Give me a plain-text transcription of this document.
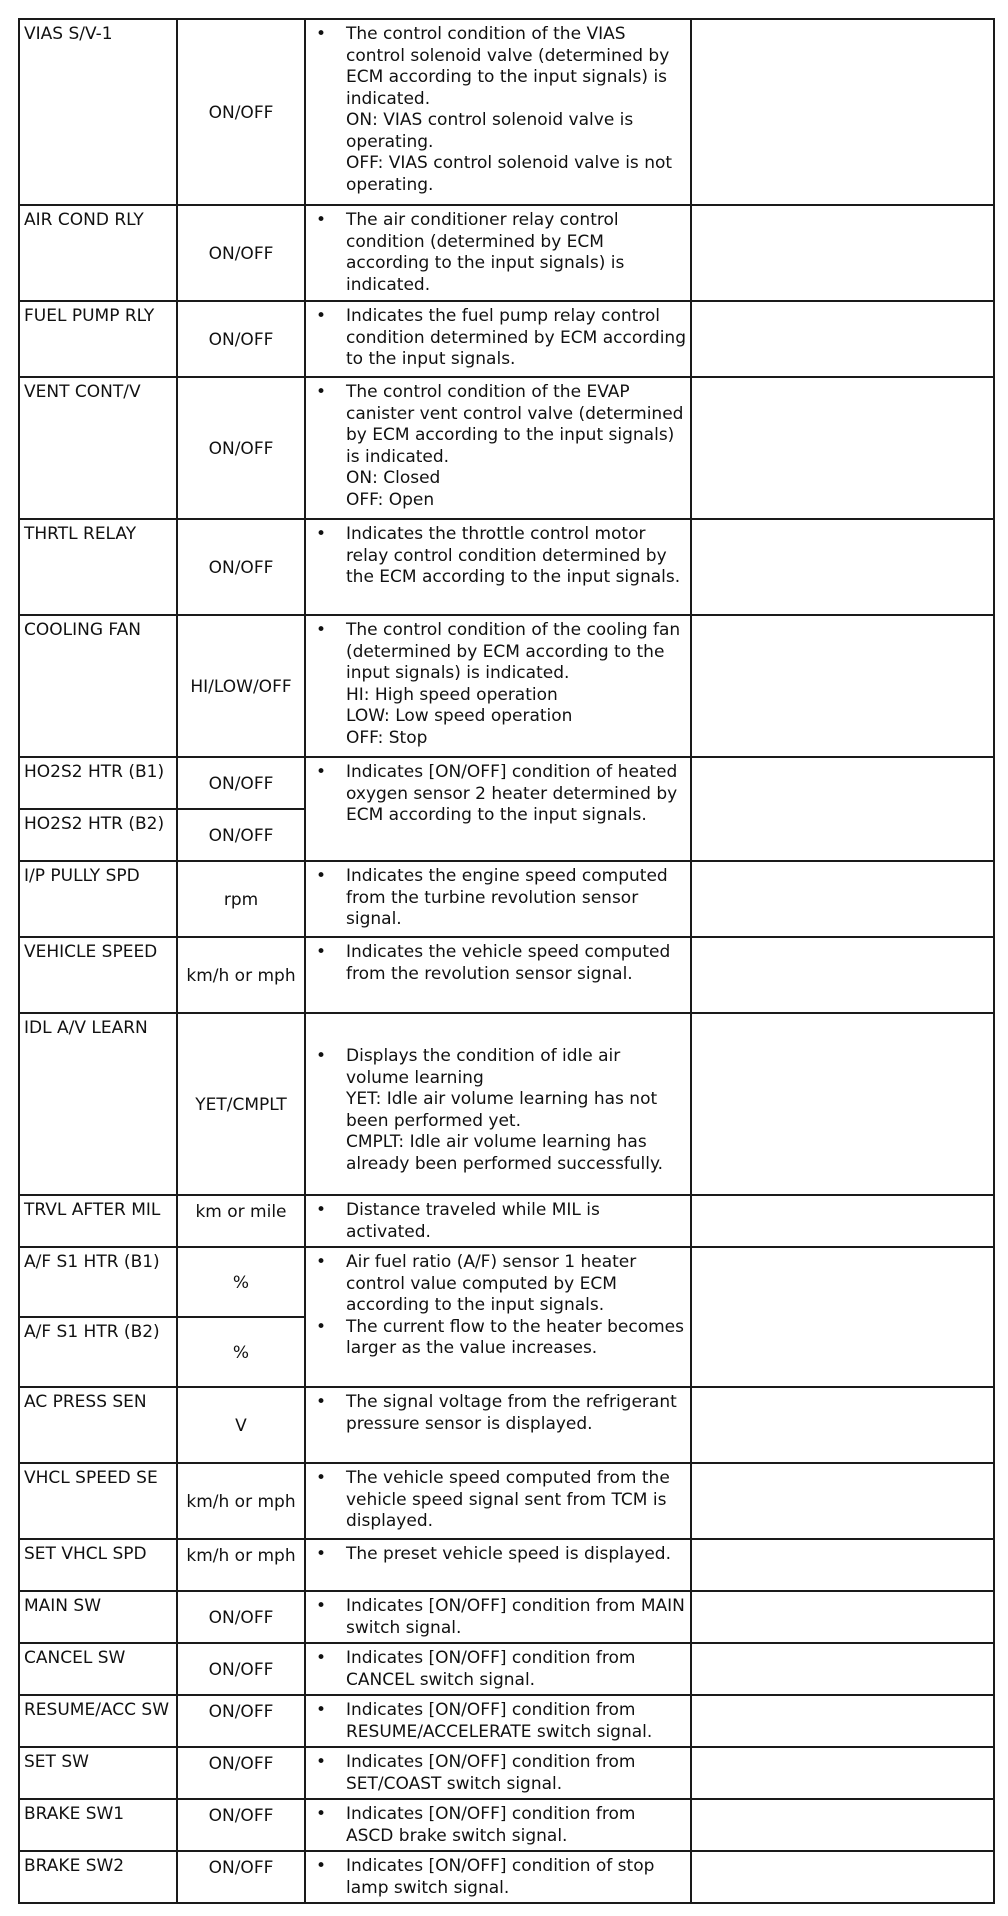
VIAS S/V-1	ON/OFF	• The control condition of the VIAS control solenoid valve (determined by ECM according to the input signals) is indicated.
ON: VIAS control solenoid valve is operating.
OFF: VIAS control solenoid valve is not operating.

AIR COND RLY	ON/OFF	• The air conditioner relay control condition (determined by ECM according to the input signals) is indicated.

FUEL PUMP RLY	ON/OFF	• Indicates the fuel pump relay control condition determined by ECM according to the input signals.

VENT CONT/V	ON/OFF	• The control condition of the EVAP canister vent control valve (determined by ECM according to the input signals) is indicated.
ON: Closed
OFF: Open

THRTL RELAY	ON/OFF	• Indicates the throttle control motor relay control condition determined by the ECM according to the input signals.

COOLING FAN	HI/LOW/OFF	• The control condition of the cooling fan (determined by ECM according to the input signals) is indicated.
HI: High speed operation
LOW: Low speed operation
OFF: Stop

HO2S2 HTR (B1)	ON/OFF	• Indicates [ON/OFF] condition of heated oxygen sensor 2 heater determined by ECM according to the input signals.

HO2S2 HTR (B2)	ON/OFF		
I/P PULLY SPD	rpm	• Indicates the engine speed computed from the turbine revolution sensor signal.

VEHICLE SPEED	km/h or mph	• Indicates the vehicle speed computed from the revolution sensor signal.

IDL A/V LEARN	YET/CMPLT	• Displays the condition of idle air volume learning
YET: Idle air volume learning has not been performed yet.
CMPLT: Idle air volume learning has already been performed successfully.

TRVL AFTER MIL	km or mile	• Distance traveled while MIL is activated.

A/F S1 HTR (B1)	%	• Air fuel ratio (A/F) sensor 1 heater control value computed by ECM according to the input signals.
• The current flow to the heater becomes larger as the value increases.

A/F S1 HTR (B2)	%		
AC PRESS SEN	V	• The signal voltage from the refrigerant pressure sensor is displayed.

VHCL SPEED SE	km/h or mph	• The vehicle speed computed from the vehicle speed signal sent from TCM is displayed.

SET VHCL SPD	km/h or mph	• The preset vehicle speed is displayed.

MAIN SW	ON/OFF	• Indicates [ON/OFF] condition from MAIN switch signal.

CANCEL SW	ON/OFF	• Indicates [ON/OFF] condition from CANCEL switch signal.

RESUME/ACC SW	ON/OFF	• Indicates [ON/OFF] condition from RESUME/ACCELERATE switch signal.

SET SW	ON/OFF	• Indicates [ON/OFF] condition from SET/COAST switch signal.

BRAKE SW1	ON/OFF	• Indicates [ON/OFF] condition from ASCD brake switch signal.

BRAKE SW2	ON/OFF	• Indicates [ON/OFF] condition of stop lamp switch signal.
